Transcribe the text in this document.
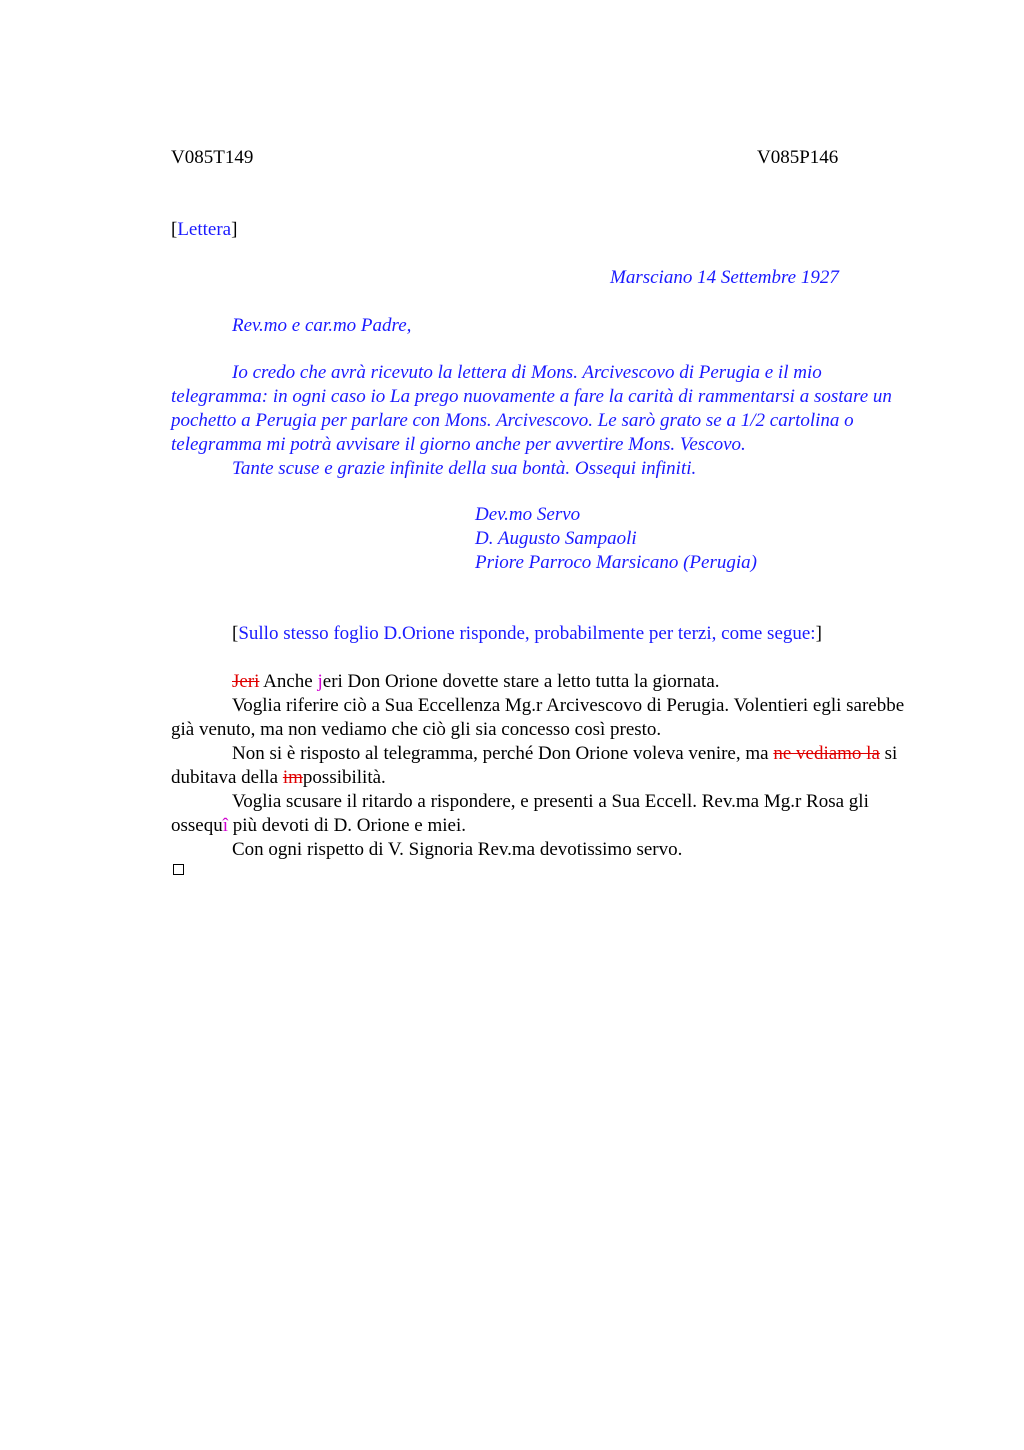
V085T149	V085P146
[Lettera]
Marsciano 14 Settembre 1927
Rev.mo e car.mo Padre,

Io credo che avrà ricevuto la lettera di Mons. Arcivescovo di Perugia e il mio telegramma: in ogni caso io La prego nuovamente a fare la carità di rammentarsi a sostare un pochetto a Perugia per parlare con Mons. Arcivescovo. Le sarò grato se a 1/2 cartolina o telegramma mi potrà avvisare il giorno anche per avvertire Mons. Vescovo.

Tante scuse e grazie infinite della sua bontà. Ossequi infiniti.

Dev.mo Servo
D. Augusto Sampaoli
Priore Parroco Marsicano (Perugia)
[Sullo stesso foglio D.Orione risponde, probabilmente per terzi, come segue:]

Jeri Anche jeri Don Orione dovette stare a letto tutta la giornata.

Voglia riferire ciò a Sua Eccellenza Mg.r Arcivescovo di Perugia. Volentieri egli sarebbe già venuto, ma non vediamo che ciò gli sia concesso così presto.

Non si è risposto al telegramma, perché Don Orione voleva venire, ma ne vediamo la si dubitava della impossibilità.

Voglia scusare il ritardo a rispondere, e presenti a Sua Eccell. Rev.ma Mg.r Rosa gli ossequî più devoti di D. Orione e miei.

Con ogni rispetto di V. Signoria Rev.ma devotissimo servo.
